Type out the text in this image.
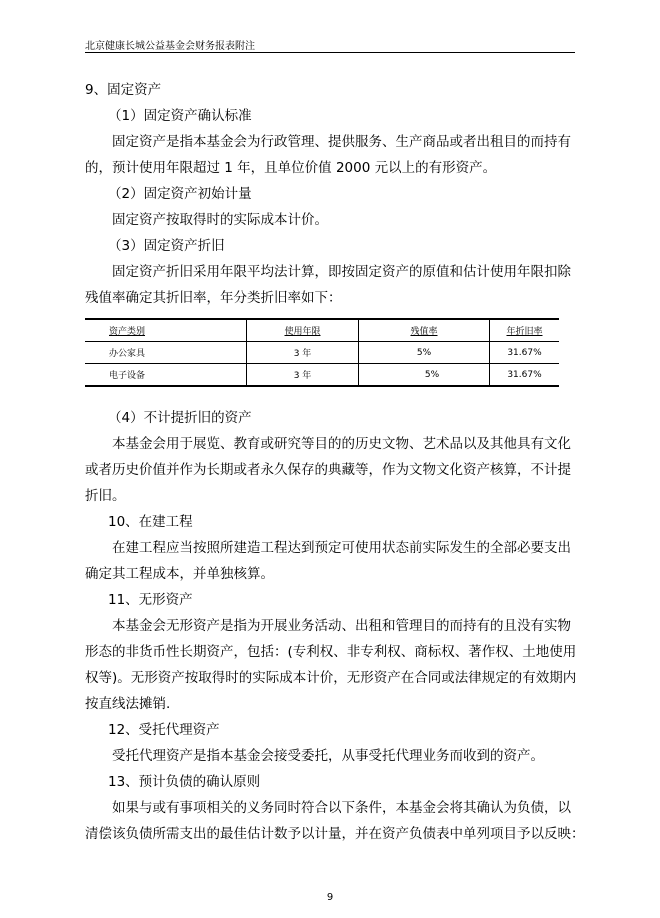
北京健康长城公益基金会财务报表附注
9、固定资产
（1）固定资产确认标准
固定资产是指本基金会为行政管理、提供服务、生产商品或者出租目的而持有
的，预计使用年限超过 1 年，且单位价值 2000 元以上的有形资产。
（2）固定资产初始计量
固定资产按取得时的实际成本计价。
（3）固定资产折旧
固定资产折旧采用年限平均法计算，即按固定资产的原值和估计使用年限扣除
残值率确定其折旧率，年分类折旧率如下：
资产类别	使用年限	残值率	年折旧率
办公家具	3 年	5%	31.67%
电子设备	3 年	5%	31.67%
（4）不计提折旧的资产
本基金会用于展览、教育或研究等目的的历史文物、艺术品以及其他具有文化
或者历史价值并作为长期或者永久保存的典藏等，作为文物文化资产核算，不计提
折旧。
10、在建工程
在建工程应当按照所建造工程达到预定可使用状态前实际发生的全部必要支出
确定其工程成本，并单独核算。
11、无形资产
本基金会无形资产是指为开展业务活动、出租和管理目的而持有的且没有实物
形态的非货币性长期资产，包括：(专利权、非专利权、商标权、著作权、土地使用
权等)。无形资产按取得时的实际成本计价，无形资产在合同或法律规定的有效期内
按直线法摊销.
12、受托代理资产
受托代理资产是指本基金会接受委托，从事受托代理业务而收到的资产。
13、预计负债的确认原则
如果与或有事项相关的义务同时符合以下条件，本基金会将其确认为负债，以
清偿该负债所需支出的最佳估计数予以计量，并在资产负债表中单列项目予以反映：
9
